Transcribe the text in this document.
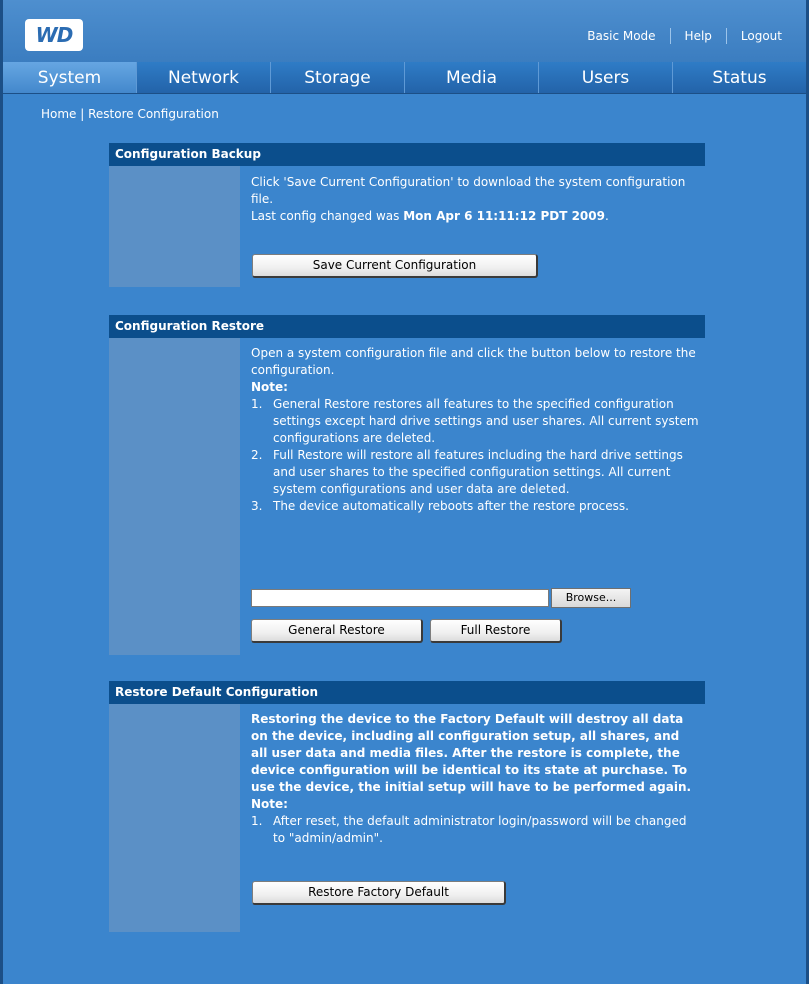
WD	Basic Mode Help Logout
System	Network	Storage	Media	Users	Status
Home | Restore Configuration
Configuration Backup

Click 'Save Current Configuration' to download the system configuration file.

Last config changed was Mon Apr 6 11:11:12 PDT 2009.

Save Current Configuration
Configuration Restore

Open a system configuration file and click the button below to restore the configuration.

Note:

1. General Restore restores all features to the specified configuration settings except hard drive settings and user shares. All current system configurations are deleted.
2. Full Restore will restore all features including the hard drive settings and user shares to the specified configuration settings. All current system configurations and user data are deleted.
3. The device automatically reboots after the restore process.
Browse...
General Restore	Full Restore
Restore Default Configuration

Restoring the device to the Factory Default will destroy all data on the device, including all configuration setup, all shares, and all user data and media files. After the restore is complete, the device configuration will be identical to its state at purchase. To use the device, the initial setup will have to be performed again.

Note:

1. After reset, the default administrator login/password will be changed to "admin/admin".
Restore Factory Default
